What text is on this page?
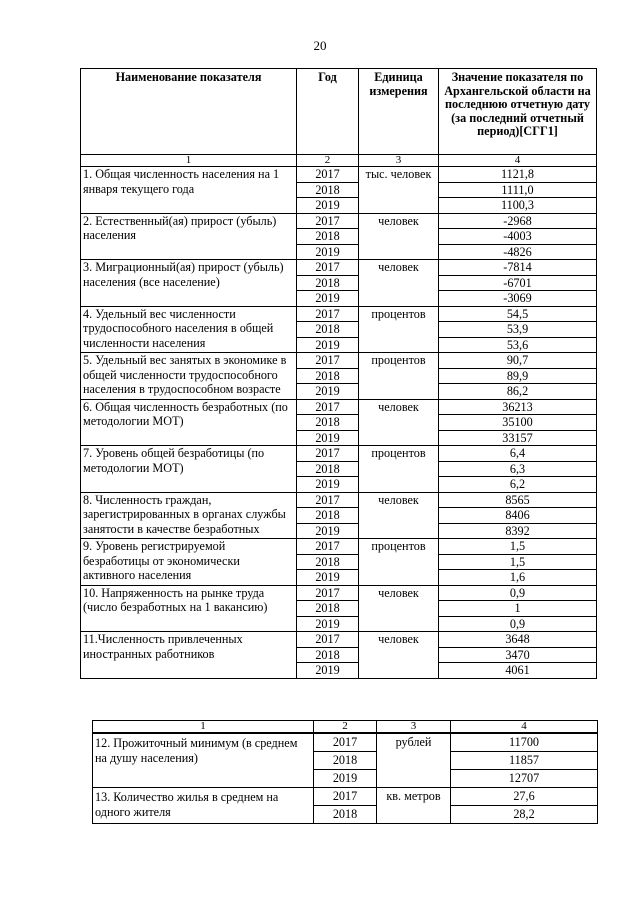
20
Наименование показателя	Год	Единица измерения	Значение показателя по Архангельской области на последнюю отчетную дату (за последний отчетный период)[СГГ1]
1	2	3	4
1. Общая численность населения на 1 января текущего года	2017	тыс. человек	1121,8
	2018		1111,0
	2019		1100,3
2. Естественный(ая) прирост (убыль) населения	2017	человек	-2968
	2018		-4003
	2019		-4826
3. Миграционный(ая) прирост (убыль) населения (все население)	2017	человек	-7814
	2018		-6701
	2019		-3069
4. Удельный вес численности трудоспособного населения в общей численности населения	2017	процентов	54,5
	2018		53,9
	2019		53,6
5. Удельный вес занятых в экономике в общей численности трудоспособного населения в трудоспособном возрасте	2017	процентов	90,7
	2018		89,9
	2019		86,2
6. Общая численность безработных (по методологии МОТ)	2017	человек	36213
	2018		35100
	2019		33157
7. Уровень общей безработицы (по методологии МОТ)	2017	процентов	6,4
	2018		6,3
	2019		6,2
8. Численность граждан, зарегистрированных в органах службы занятости в качестве безработных	2017	человек	8565
	2018		8406
	2019		8392
9. Уровень регистрируемой безработицы от экономически активного населения	2017	процентов	1,5
	2018		1,5
	2019		1,6
10. Напряженность на рынке труда (число безработных на 1 вакансию)	2017	человек	0,9
	2018		1
	2019		0,9
11.Численность привлеченных иностранных работников	2017	человек	3648
	2018		3470
	2019		4061
1	2	3	4
12. Прожиточный минимум (в среднем на душу населения)	2017	рублей	11700
	2018		11857
	2019		12707
13. Количество жилья в среднем на одного жителя	2017	кв. метров	27,6
	2018		28,2
